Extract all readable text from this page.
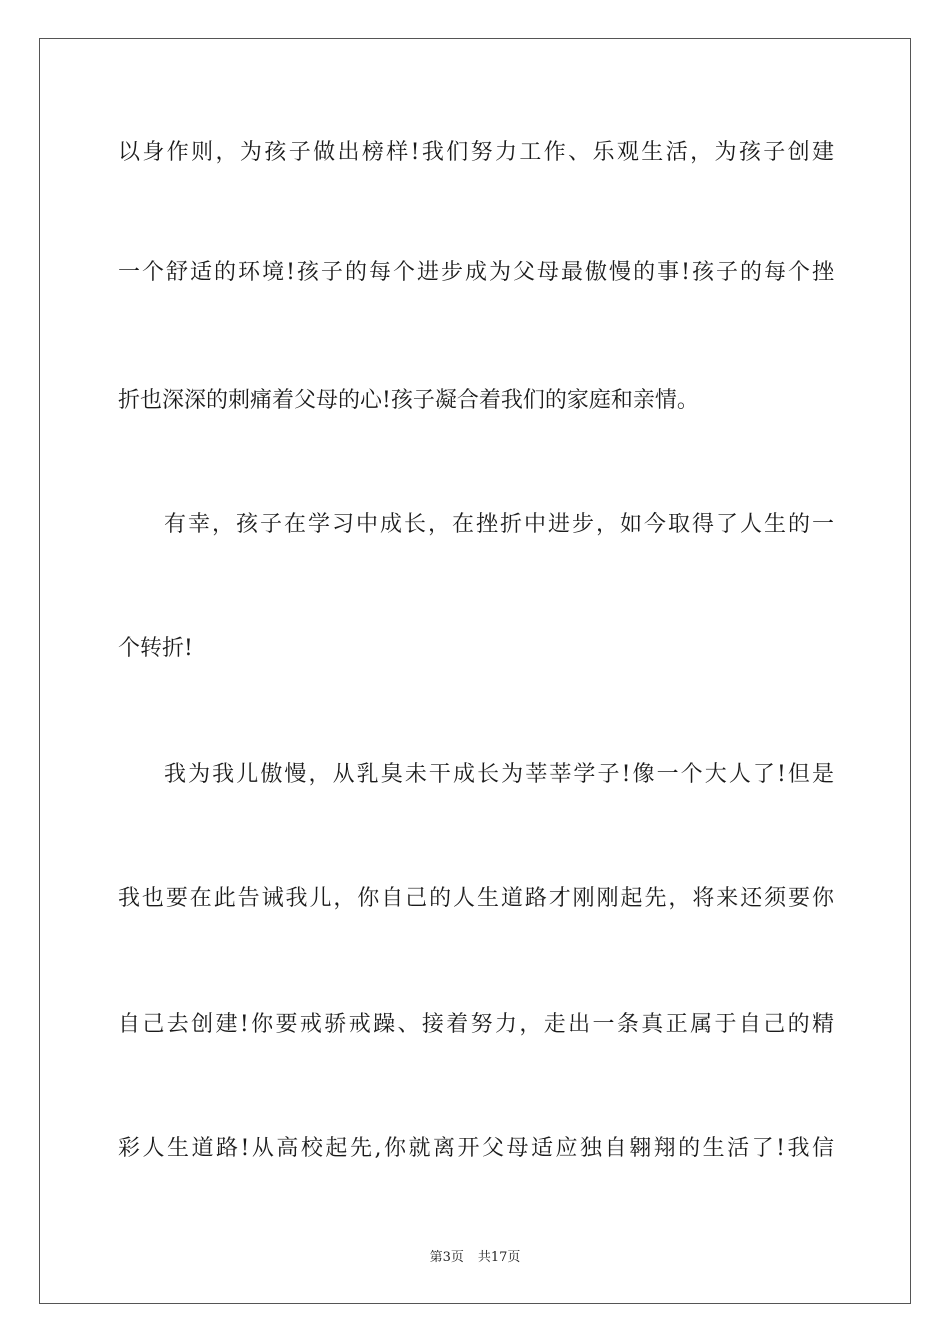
以身作则，为孩子做出榜样!我们努力工作、乐观生活，为孩子创建
一个舒适的环境!孩子的每个进步成为父母最傲慢的事!孩子的每个挫
折也深深的刺痛着父母的心!孩子凝合着我们的家庭和亲情。
有幸，孩子在学习中成长，在挫折中进步，如今取得了人生的一
个转折!
我为我儿傲慢，从乳臭未干成长为莘莘学子!像一个大人了!但是
我也要在此告诫我儿，你自己的人生道路才刚刚起先，将来还须要你
自己去创建!你要戒骄戒躁、接着努力，走出一条真正属于自己的精
彩人生道路!从高校起先,你就离开父母适应独自翱翔的生活了!我信
第3页 共17页
